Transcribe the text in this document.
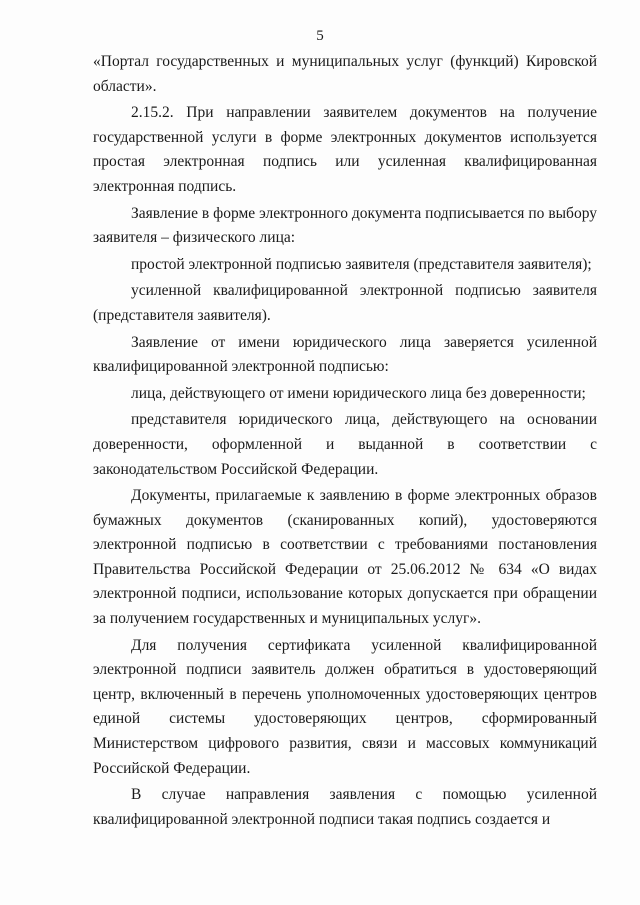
5

«Портал государственных и муниципальных услуг (функций) Кировской области».

2.15.2. При направлении заявителем документов на получение государственной услуги в форме электронных документов используется простая электронная подпись или усиленная квалифицированная электронная подпись.

Заявление в форме электронного документа подписывается по выбору заявителя – физического лица:

простой электронной подписью заявителя (представителя заявителя);

усиленной квалифицированной электронной подписью заявителя (представителя заявителя).

Заявление от имени юридического лица заверяется усиленной квалифицированной электронной подписью:

лица, действующего от имени юридического лица без доверенности;

представителя юридического лица, действующего на основании доверенности, оформленной и выданной в соответствии с законодательством Российской Федерации.

Документы, прилагаемые к заявлению в форме электронных образов бумажных документов (сканированных копий), удостоверяются электронной подписью в соответствии с требованиями постановления Правительства Российской Федерации от 25.06.2012 № 634 «О видах электронной подписи, использование которых допускается при обращении за получением государственных и муниципальных услуг».

Для получения сертификата усиленной квалифицированной электронной подписи заявитель должен обратиться в удостоверяющий центр, включенный в перечень уполномоченных удостоверяющих центров единой системы удостоверяющих центров, сформированный Министерством цифрового развития, связи и массовых коммуникаций Российской Федерации.

В случае направления заявления с помощью усиленной квалифицированной электронной подписи такая подпись создается и
